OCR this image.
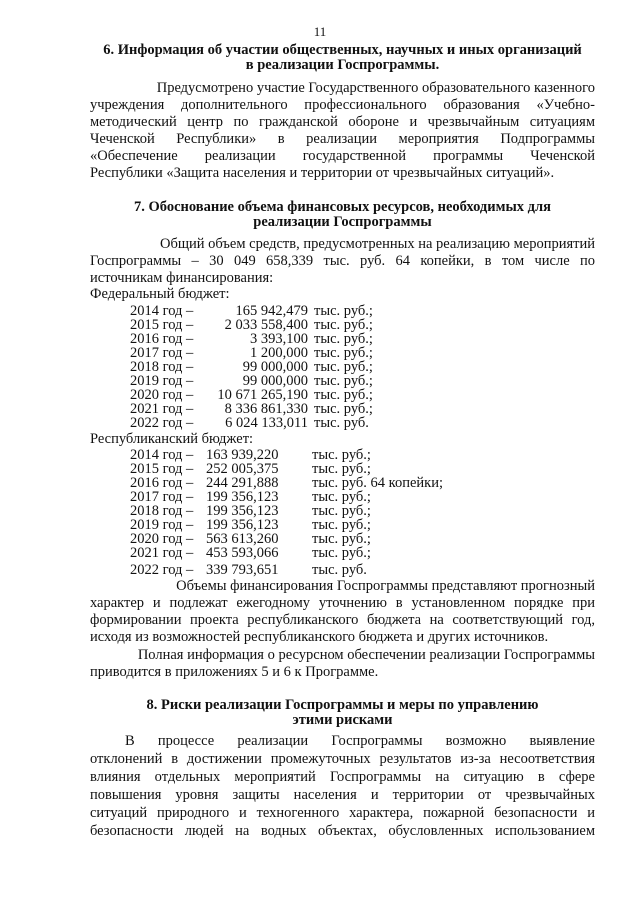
11
6. Информация об участии общественных, научных и иных организаций
в реализации Госпрограммы.
Предусмотрено участие Государственного образовательного казенного
учреждения дополнительного профессионального образования «Учебно-
методический центр по гражданской обороне и чрезвычайным ситуациям
Чеченской Республики» в реализации мероприятия Подпрограммы
«Обеспечение реализации государственной программы Чеченской
Республики «Защита населения и территории от чрезвычайных ситуаций».
7. Обоснование объема финансовых ресурсов, необходимых для
реализации Госпрограммы
Общий объем средств, предусмотренных на реализацию мероприятий
Госпрограммы – 30 049 658,339 тыс. руб. 64 копейки, в том числе по
источникам финансирования:
Федеральный бюджет:
2014 год –	165 942,479 тыс. руб.;
2015 год – 2 033 558,400 тыс. руб.;
2016 год –	3 393,100 тыс. руб.;
2017 год –	1 200,000 тыс. руб.;
2018 год –	99 000,000 тыс. руб.;
2019 год –	99 000,000 тыс. руб.;
2020 год – 10 671 265,190 тыс. руб.;
2021 год – 8 336 861,330 тыс. руб.;
2022 год – 6 024 133,011 тыс. руб.
Республиканский бюджет:
2014 год – 163 939,220 тыс. руб.;
2015 год – 252 005,375 тыс. руб.;
2016 год – 244 291,888 тыс. руб. 64 копейки;
2017 год – 199 356,123 тыс. руб.;
2018 год – 199 356,123 тыс. руб.;
2019 год – 199 356,123 тыс. руб.;
2020 год – 563 613,260 тыс. руб.;
2021 год – 453 593,066 тыс. руб.;
2022 год – 339 793,651 тыс. руб.
Объемы финансирования Госпрограммы представляют прогнозный
характер и подлежат ежегодному уточнению в установленном порядке при
формировании проекта республиканского бюджета на соответствующий год,
исходя из возможностей республиканского бюджета и других источников.
Полная информация о ресурсном обеспечении реализации Госпрограммы
приводится в приложениях 5 и 6 к Программе.
8. Риски реализации Госпрограммы и меры по управлению
этими рисками
В процессе реализации Госпрограммы возможно выявление
отклонений в достижении промежуточных результатов из-за несоответствия
влияния отдельных мероприятий Госпрограммы на ситуацию в сфере
повышения уровня защиты населения и территории от чрезвычайных
ситуаций природного и техногенного характера, пожарной безопасности и
безопасности людей на водных объектах, обусловленных использованием
